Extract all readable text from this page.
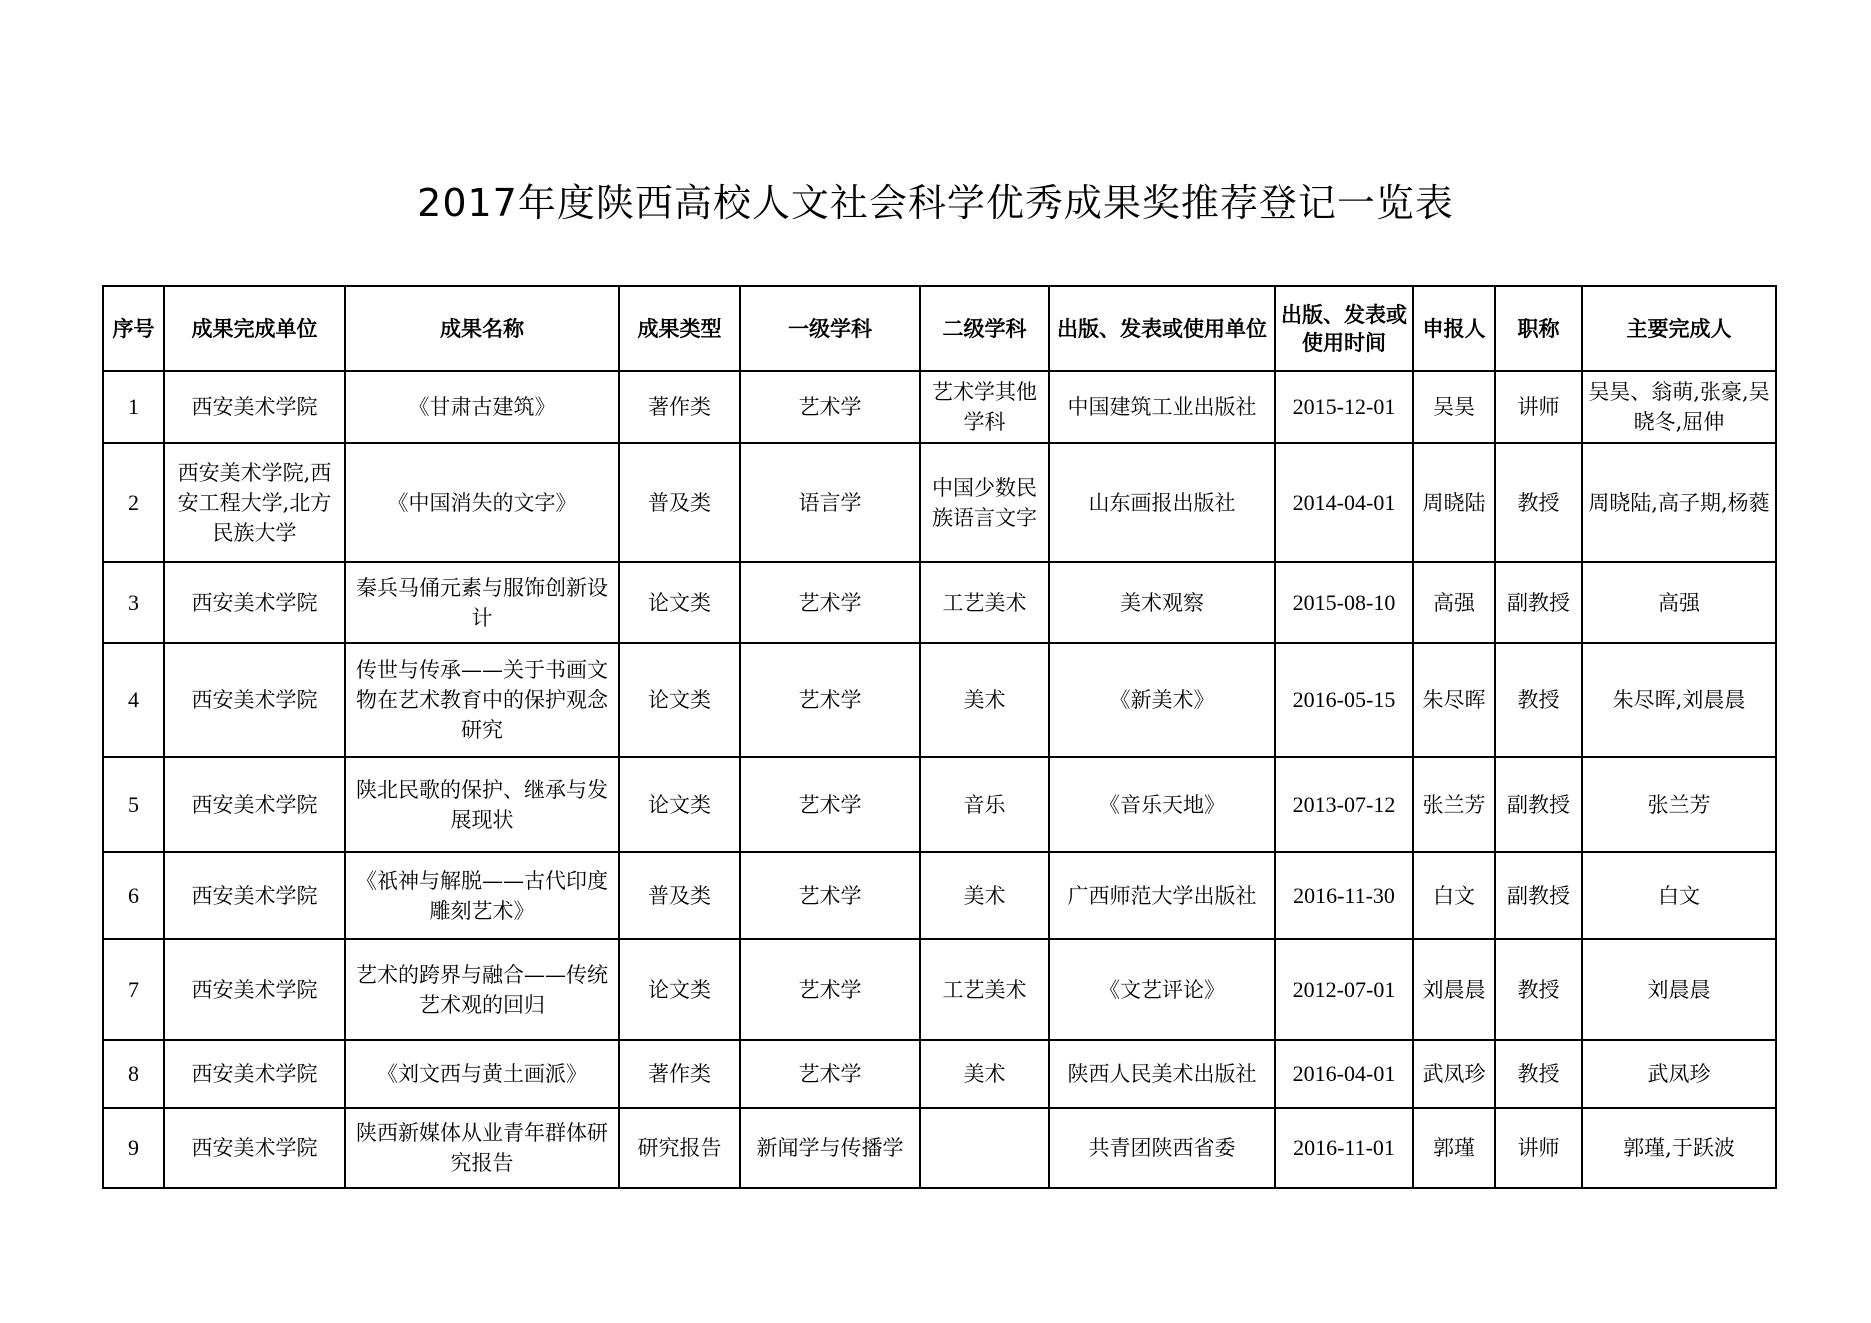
2017年度陕西高校人文社会科学优秀成果奖推荐登记一览表
序号	成果完成单位	成果名称	成果类型	一级学科	二级学科	出版、发表或使用单位	出版、发表或使用时间	申报人	职称	主要完成人
1	西安美术学院	《甘肃古建筑》	著作类	艺术学	艺术学其他学科	中国建筑工业出版社	2015-12-01	吴昊	讲师	吴昊、翁萌,张豪,吴晓冬,屈伸
2	西安美术学院,西安工程大学,北方民族大学	《中国消失的文字》	普及类	语言学	中国少数民族语言文字	山东画报出版社	2014-04-01	周晓陆	教授	周晓陆,高子期,杨蕤
3	西安美术学院	秦兵马俑元素与服饰创新设计	论文类	艺术学	工艺美术	美术观察	2015-08-10	高强	副教授	高强
4	西安美术学院	传世与传承——关于书画文物在艺术教育中的保护观念研究	论文类	艺术学	美术	《新美术》	2016-05-15	朱尽晖	教授	朱尽晖,刘晨晨
5	西安美术学院	陕北民歌的保护、继承与发展现状	论文类	艺术学	音乐	《音乐天地》	2013-07-12	张兰芳	副教授	张兰芳
6	西安美术学院	《祇神与解脱——古代印度雕刻艺术》	普及类	艺术学	美术	广西师范大学出版社	2016-11-30	白文	副教授	白文
7	西安美术学院	艺术的跨界与融合——传统艺术观的回归	论文类	艺术学	工艺美术	《文艺评论》	2012-07-01	刘晨晨	教授	刘晨晨
8	西安美术学院	《刘文西与黄土画派》	著作类	艺术学	美术	陕西人民美术出版社	2016-04-01	武凤珍	教授	武凤珍
9	西安美术学院	陕西新媒体从业青年群体研究报告	研究报告	新闻学与传播学		共青团陕西省委	2016-11-01	郭瑾	讲师	郭瑾,于跃波
